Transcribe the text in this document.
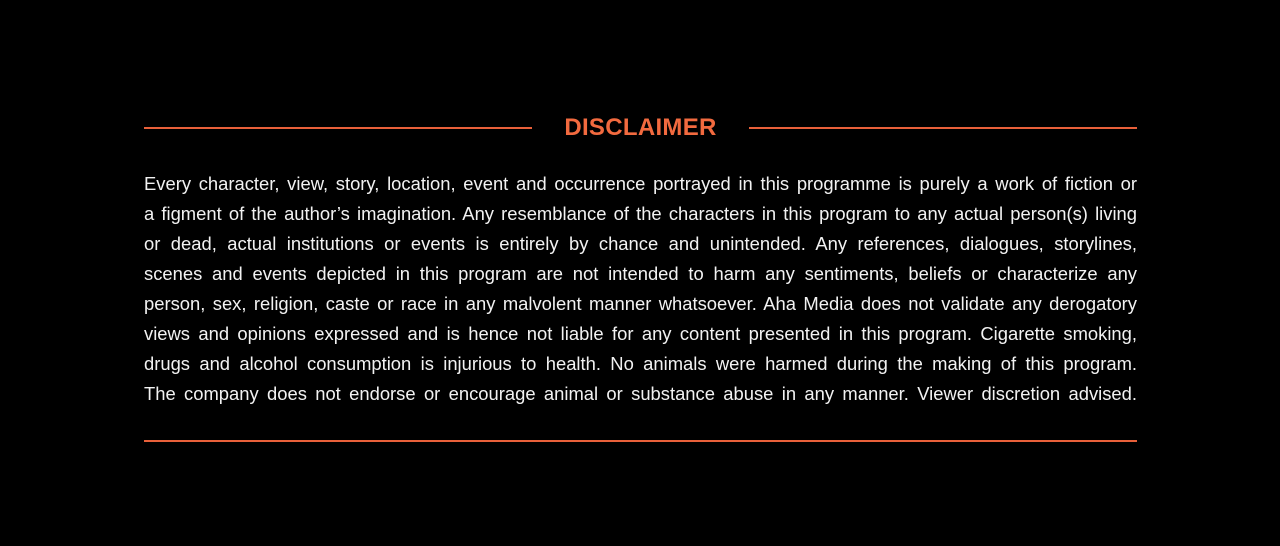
DISCLAIMER
Every character, view, story, location, event and occurrence portrayed in this programme is purely a work of fiction or
a figment of the author’s imagination. Any resemblance of the characters in this program to any actual person(s) living
or dead, actual institutions or events is entirely by chance and unintended. Any references, dialogues, storylines,
scenes and events depicted in this program are not intended to harm any sentiments, beliefs or characterize any
person, sex, religion, caste or race in any malvolent manner whatsoever. Aha Media does not validate any derogatory
views and opinions expressed and is hence not liable for any content presented in this program. Cigarette smoking,
drugs and alcohol consumption is injurious to health. No animals were harmed during the making of this program.
The company does not endorse or encourage animal or substance abuse in any manner. Viewer discretion advised.
